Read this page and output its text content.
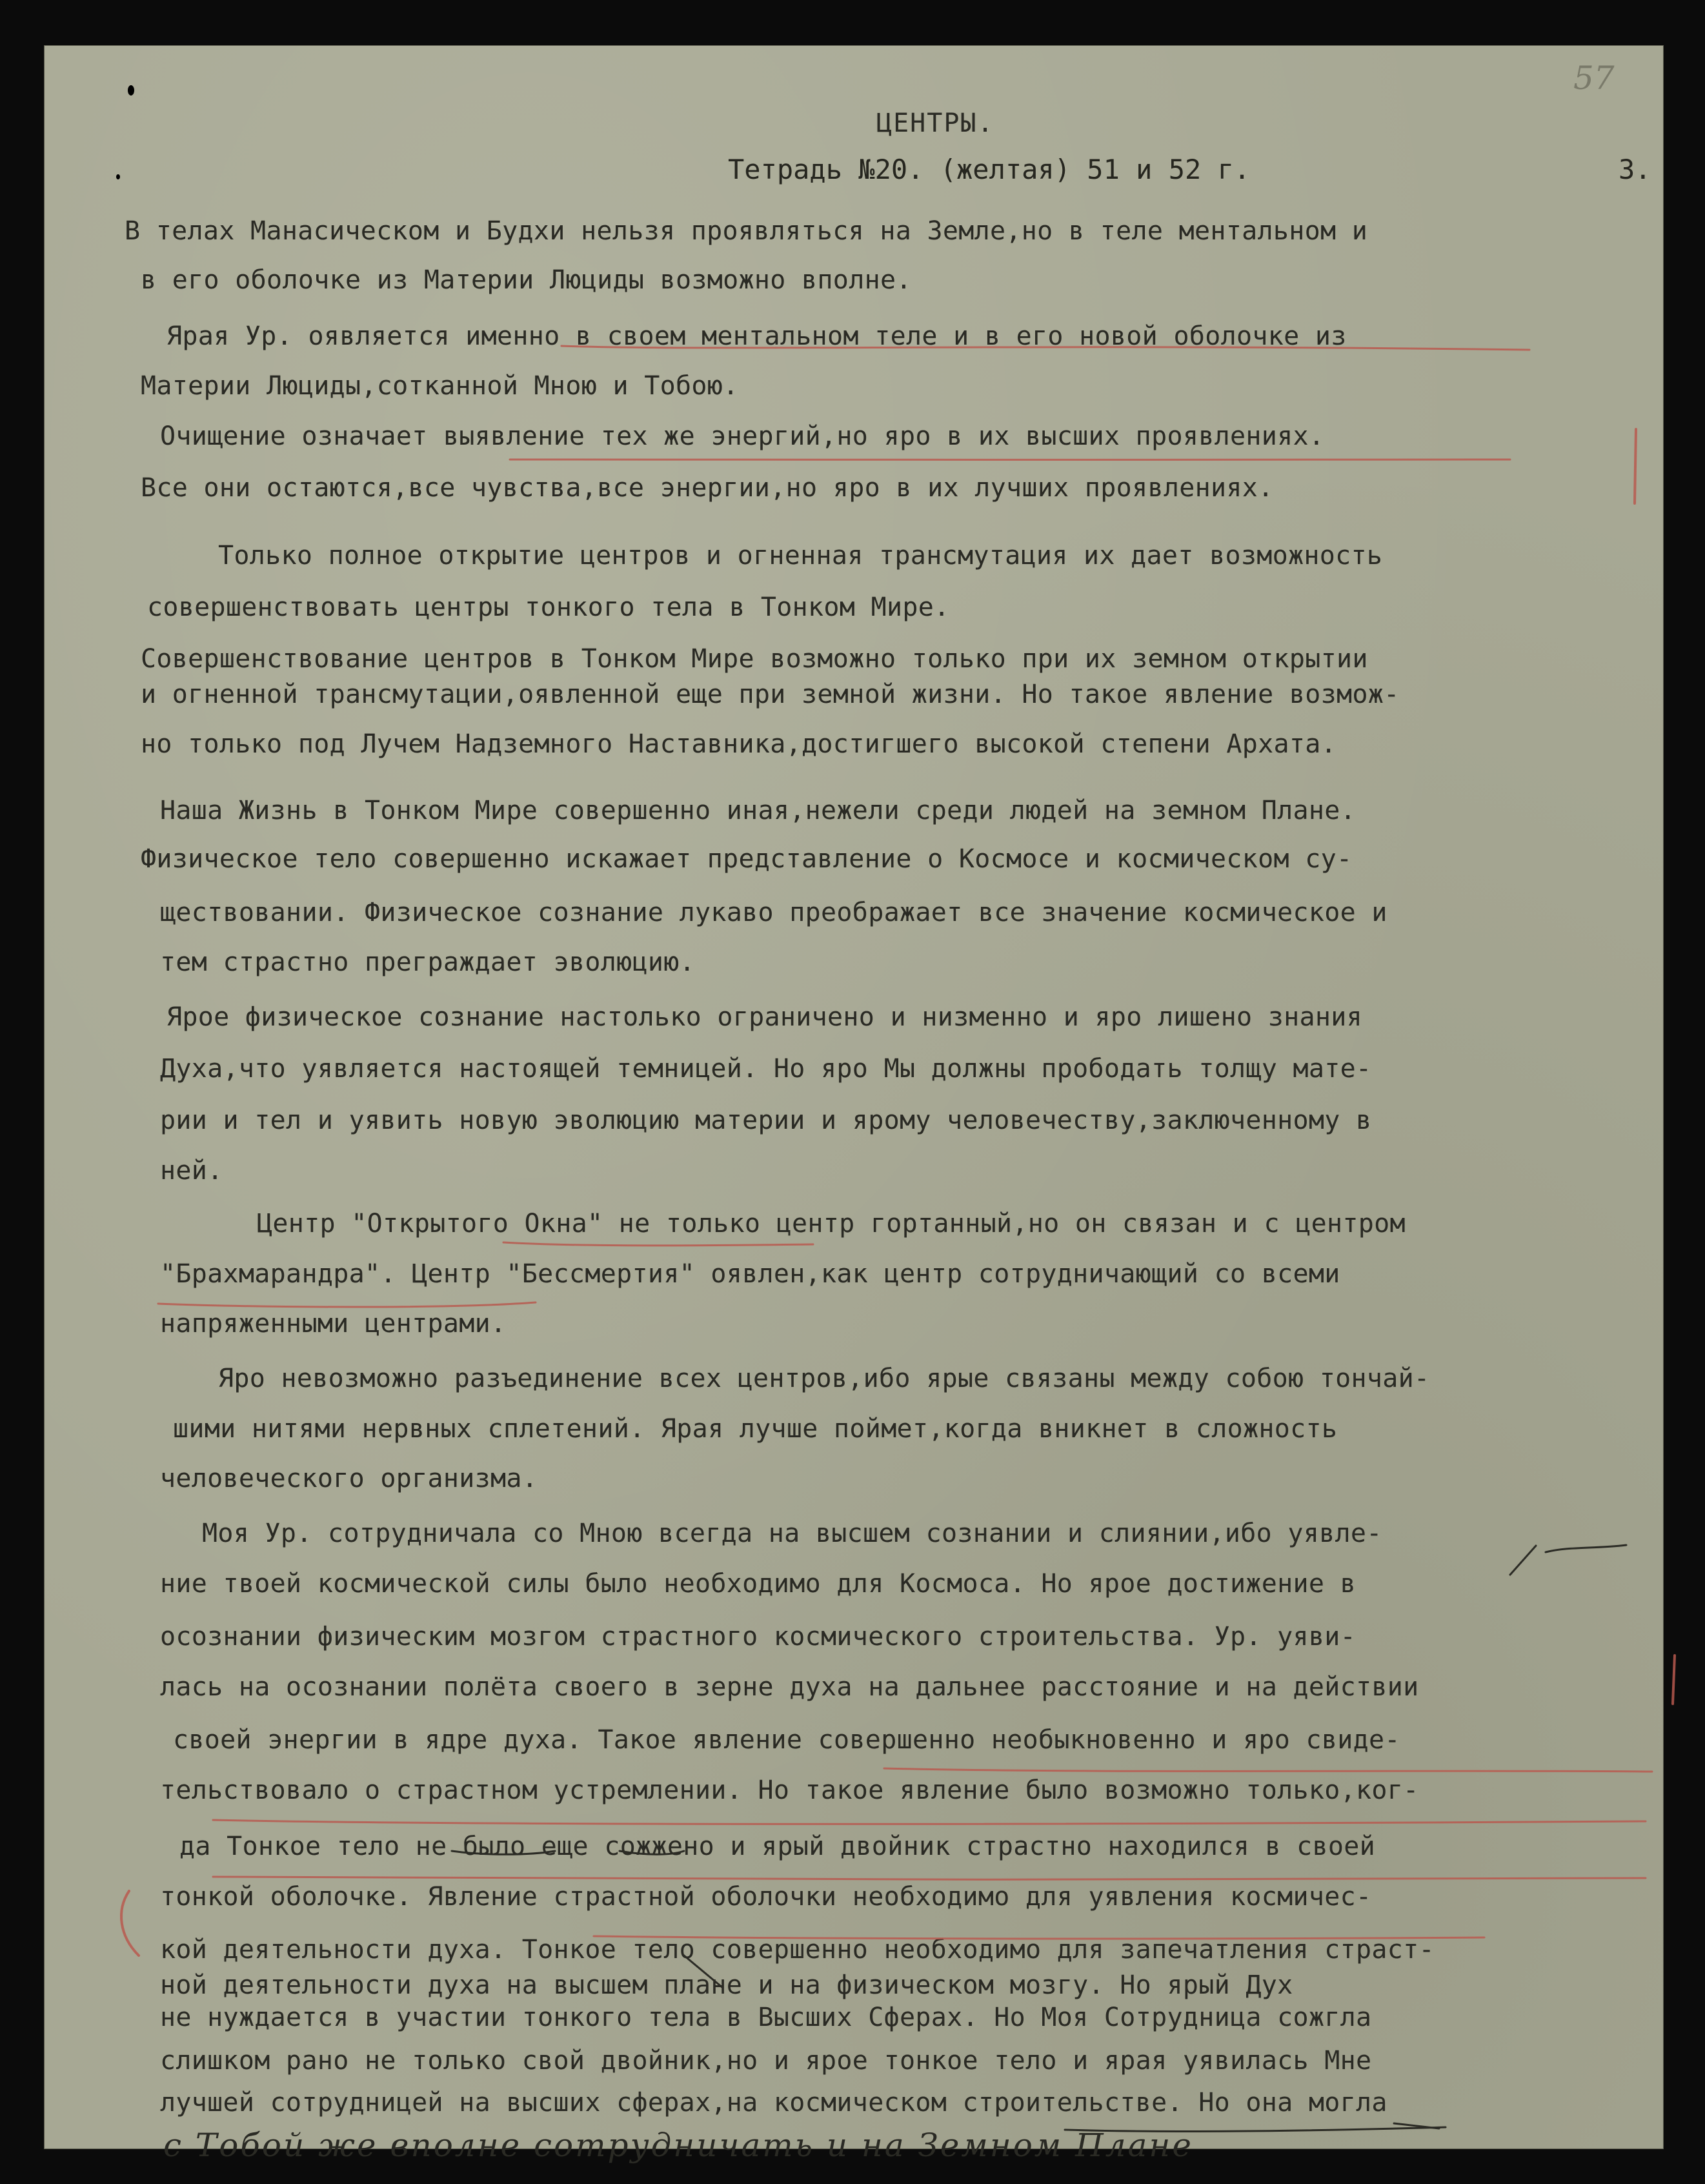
57
ЦЕНТРЫ.
Тетрадь №20. (желтая) 51 и 52 г.	3.

В телах Манасическом и Будхи нельзя проявляться на Земле,но в теле ментальном и

в его оболочке из Материи Люциды возможно вполне.

Ярая Ур. оявляется именно в своем ментальном теле и в его новой оболочке из

Материи Люциды,сотканной Мною и Тобою.

Очищение означает выявление тех же энергий,но яро в их высших проявлениях.

Все они остаются,все чувства,все энергии,но яро в их лучших проявлениях.

Только полное открытие центров и огненная трансмутация их дает возможность

совершенствовать центры тонкого тела в Тонком Мире.

Совершенствование центров в Тонком Мире возможно только при их земном открытии

и огненной трансмутации,оявленной еще при земной жизни. Но такое явление возмож-

но только под Лучем Надземного Наставника,достигшего высокой степени Архата.

Наша Жизнь в Тонком Мире совершенно иная,нежели среди людей на земном Плане.

Физическое тело совершенно искажает представление о Космосе и космическом су-

ществовании. Физическое сознание лукаво преображает все значение космическое и

тем страстно преграждает эволюцию.

Ярое физическое сознание настолько ограничено и низменно и яро лишено знания

Духа,что уявляется настоящей темницей. Но яро Мы должны прободать толщу мате-

рии и тел и уявить новую эволюцию материи и ярому человечеству,заключенному в

ней.

Центр "Открытого Окна" не только центр гортанный,но он связан и с центром

"Брахмарандра". Центр "Бессмертия" оявлен,как центр сотрудничающий со всеми

напряженными центрами.

Яро невозможно разъединение всех центров,ибо ярые связаны между собою тончай-

шими нитями нервных сплетений. Ярая лучше поймет,когда вникнет в сложность

человеческого организма.

Моя Ур. сотрудничала со Мною всегда на высшем сознании и слиянии,ибо уявле-

ние твоей космической силы было необходимо для Космоса. Но ярое достижение в

осознании физическим мозгом страстного космического строительства. Ур. уяви-

лась на осознании полёта своего в зерне духа на дальнее расстояние и на действии

своей энергии в ядре духа. Такое явление совершенно необыкновенно и яро свиде-

тельствовало о страстном устремлении. Но такое явление было возможно только,ког-

да Тонкое тело не было еще сожжено и ярый двойник страстно находился в своей

тонкой оболочке. Явление страстной оболочки необходимо для уявления космичес-

кой деятельности духа. Тонкое тело совершенно необходимо для запечатления страст-

ной деятельности духа на высшем плане и на физическом мозгу. Но ярый Дух

не нуждается в участии тонкого тела в Высших Сферах. Но Моя Сотрудница сожгла

слишком рано не только свой двойник,но и ярое тонкое тело и ярая уявилась Мне

лучшей сотрудницей на высших сферах,на космическом строительстве. Но она могла

с Тобой же вполне сотрудничать и на Земном Плане
